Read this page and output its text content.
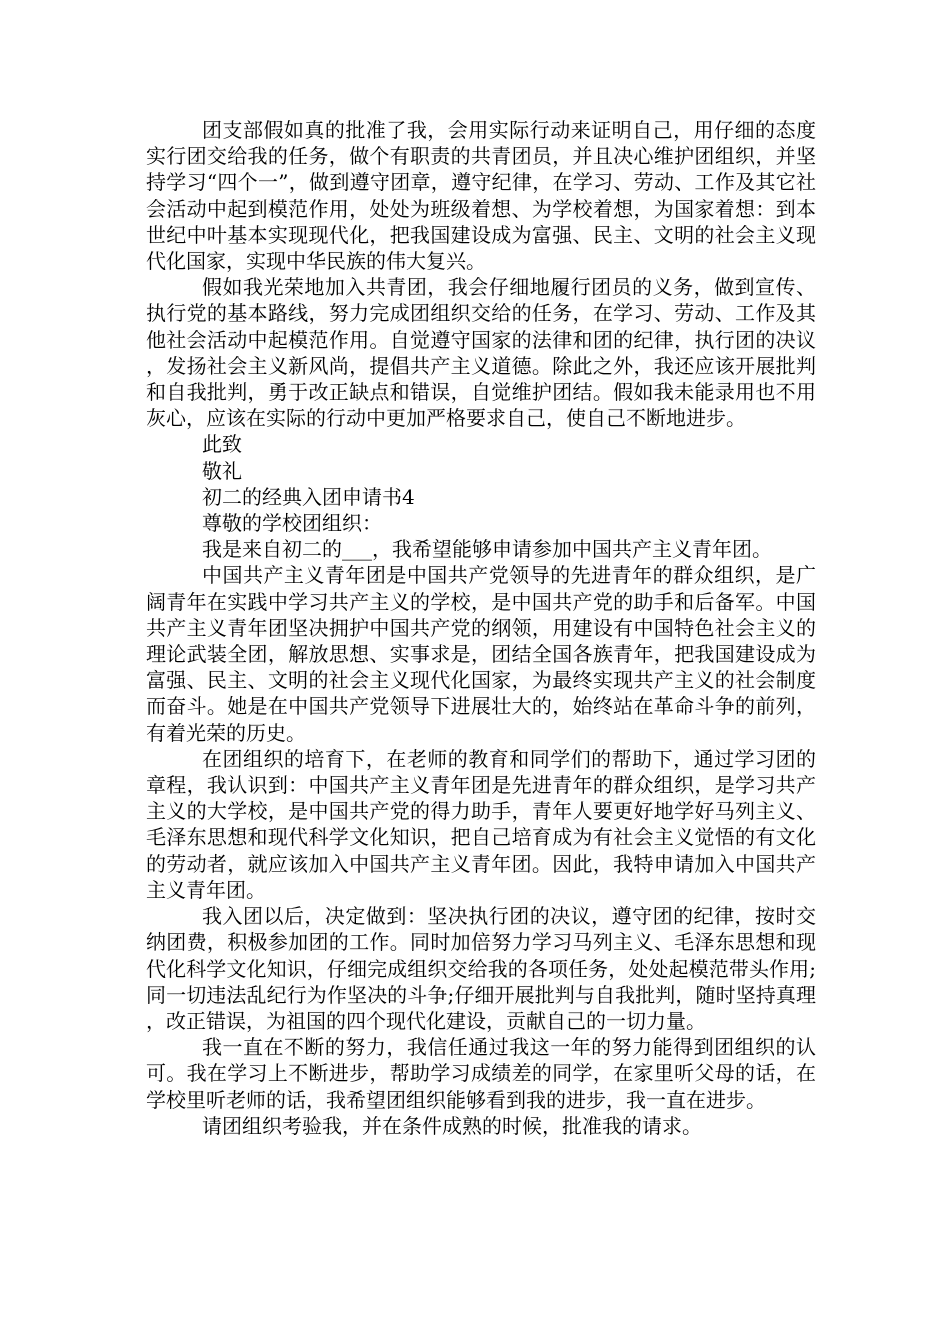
团支部假如真的批准了我，会用实际行动来证明自己，用仔细的态度实行团交给我的任务，做个有职责的共青团员，并且决心维护团组织，并坚持学习“四个一”，做到遵守团章，遵守纪律，在学习、劳动、工作及其它社会活动中起到模范作用，处处为班级着想、为学校着想，为国家着想：到本世纪中叶基本实现现代化，把我国建设成为富强、民主、文明的社会主义现代化国家，实现中华民族的伟大复兴。

假如我光荣地加入共青团，我会仔细地履行团员的义务，做到宣传、执行党的基本路线，努力完成团组织交给的任务，在学习、劳动、工作及其他社会活动中起模范作用。自觉遵守国家的法律和团的纪律，执行团的决议，发扬社会主义新风尚，提倡共产主义道德。除此之外，我还应该开展批判和自我批判，勇于改正缺点和错误，自觉维护团结。假如我未能录用也不用灰心，应该在实际的行动中更加严格要求自己，使自己不断地进步。

此致

敬礼

初二的经典入团申请书4

尊敬的学校团组织：

我是来自初二的___，我希望能够申请参加中国共产主义青年团。

中国共产主义青年团是中国共产党领导的先进青年的群众组织，是广阔青年在实践中学习共产主义的学校，是中国共产党的助手和后备军。中国共产主义青年团坚决拥护中国共产党的纲领，用建设有中国特色社会主义的理论武装全团，解放思想、实事求是，团结全国各族青年，把我国建设成为富强、民主、文明的社会主义现代化国家，为最终实现共产主义的社会制度而奋斗。她是在中国共产党领导下进展壮大的，始终站在革命斗争的前列，有着光荣的历史。

在团组织的培育下，在老师的教育和同学们的帮助下，通过学习团的章程，我认识到：中国共产主义青年团是先进青年的群众组织，是学习共产主义的大学校，是中国共产党的得力助手，青年人要更好地学好马列主义、毛泽东思想和现代科学文化知识，把自己培育成为有社会主义觉悟的有文化的劳动者，就应该加入中国共产主义青年团。因此，我特申请加入中国共产主义青年团。

我入团以后，决定做到：坚决执行团的决议，遵守团的纪律，按时交纳团费，积极参加团的工作。同时加倍努力学习马列主义、毛泽东思想和现代化科学文化知识，仔细完成组织交给我的各项任务，处处起模范带头作用;同一切违法乱纪行为作坚决的斗争;仔细开展批判与自我批判，随时坚持真理，改正错误，为祖国的四个现代化建设，贡献自己的一切力量。

我一直在不断的努力，我信任通过我这一年的努力能得到团组织的认可。我在学习上不断进步，帮助学习成绩差的同学，在家里听父母的话，在学校里听老师的话，我希望团组织能够看到我的进步，我一直在进步。

请团组织考验我，并在条件成熟的时候，批准我的请求。
